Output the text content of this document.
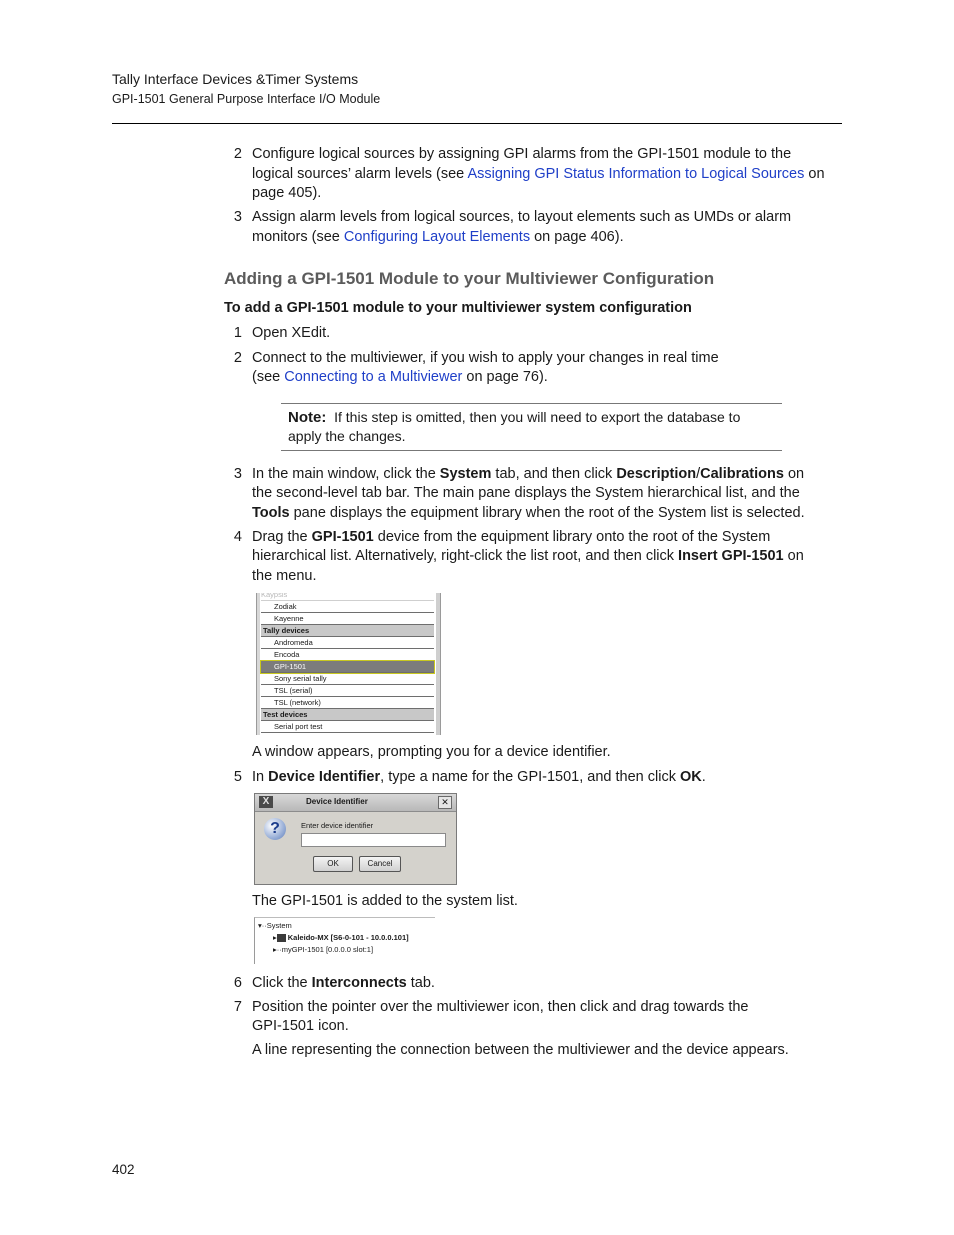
Tally Interface Devices &Timer Systems
GPI-1501 General Purpose Interface I/O Module
2 Configure logical sources by assigning GPI alarms from the GPI-1501 module to the
logical sources’ alarm levels (see Assigning GPI Status Information to Logical Sources on
page 405).
3 Assign alarm levels from logical sources, to layout elements such as UMDs or alarm
monitors (see Configuring Layout Elements on page 406).
Adding a GPI-1501 Module to your Multiviewer Configuration
To add a GPI-1501 module to your multiviewer system configuration
1 Open XEdit.
2 Connect to the multiviewer, if you wish to apply your changes in real time
(see Connecting to a Multiviewer on page 76).
Note: If this step is omitted, then you will need to export the database to apply the changes.
3 In the main window, click the System tab, and then click Description/Calibrations on
the second-level tab bar. The main pane displays the System hierarchical list, and the
Tools pane displays the equipment library when the root of the System list is selected.
4 Drag the GPI-1501 device from the equipment library onto the root of the System
hierarchical list. Alternatively, right-click the list root, and then click Insert GPI-1501 on
the menu.
Kaypsis
Zodiak
Kayenne
Tally devices
Andromeda
Encoda
GPI-1501
Sony serial tally
TSL (serial)
TSL (network)
Test devices
Serial port test
A window appears, prompting you for a device identifier.
5 In Device Identifier, type a name for the GPI-1501, and then click OK.
X	Device Identifier	✕
?	Enter device identifier
OK	Cancel
The GPI-1501 is added to the system list.
▾··System
▸ Kaleido-MX [S6-0-101 - 10.0.0.101]
▸··myGPI-1501 [0.0.0.0 slot:1]
6 Click the Interconnects tab.
7 Position the pointer over the multiviewer icon, then click and drag towards the
GPI-1501 icon.
A line representing the connection between the multiviewer and the device appears.
402
